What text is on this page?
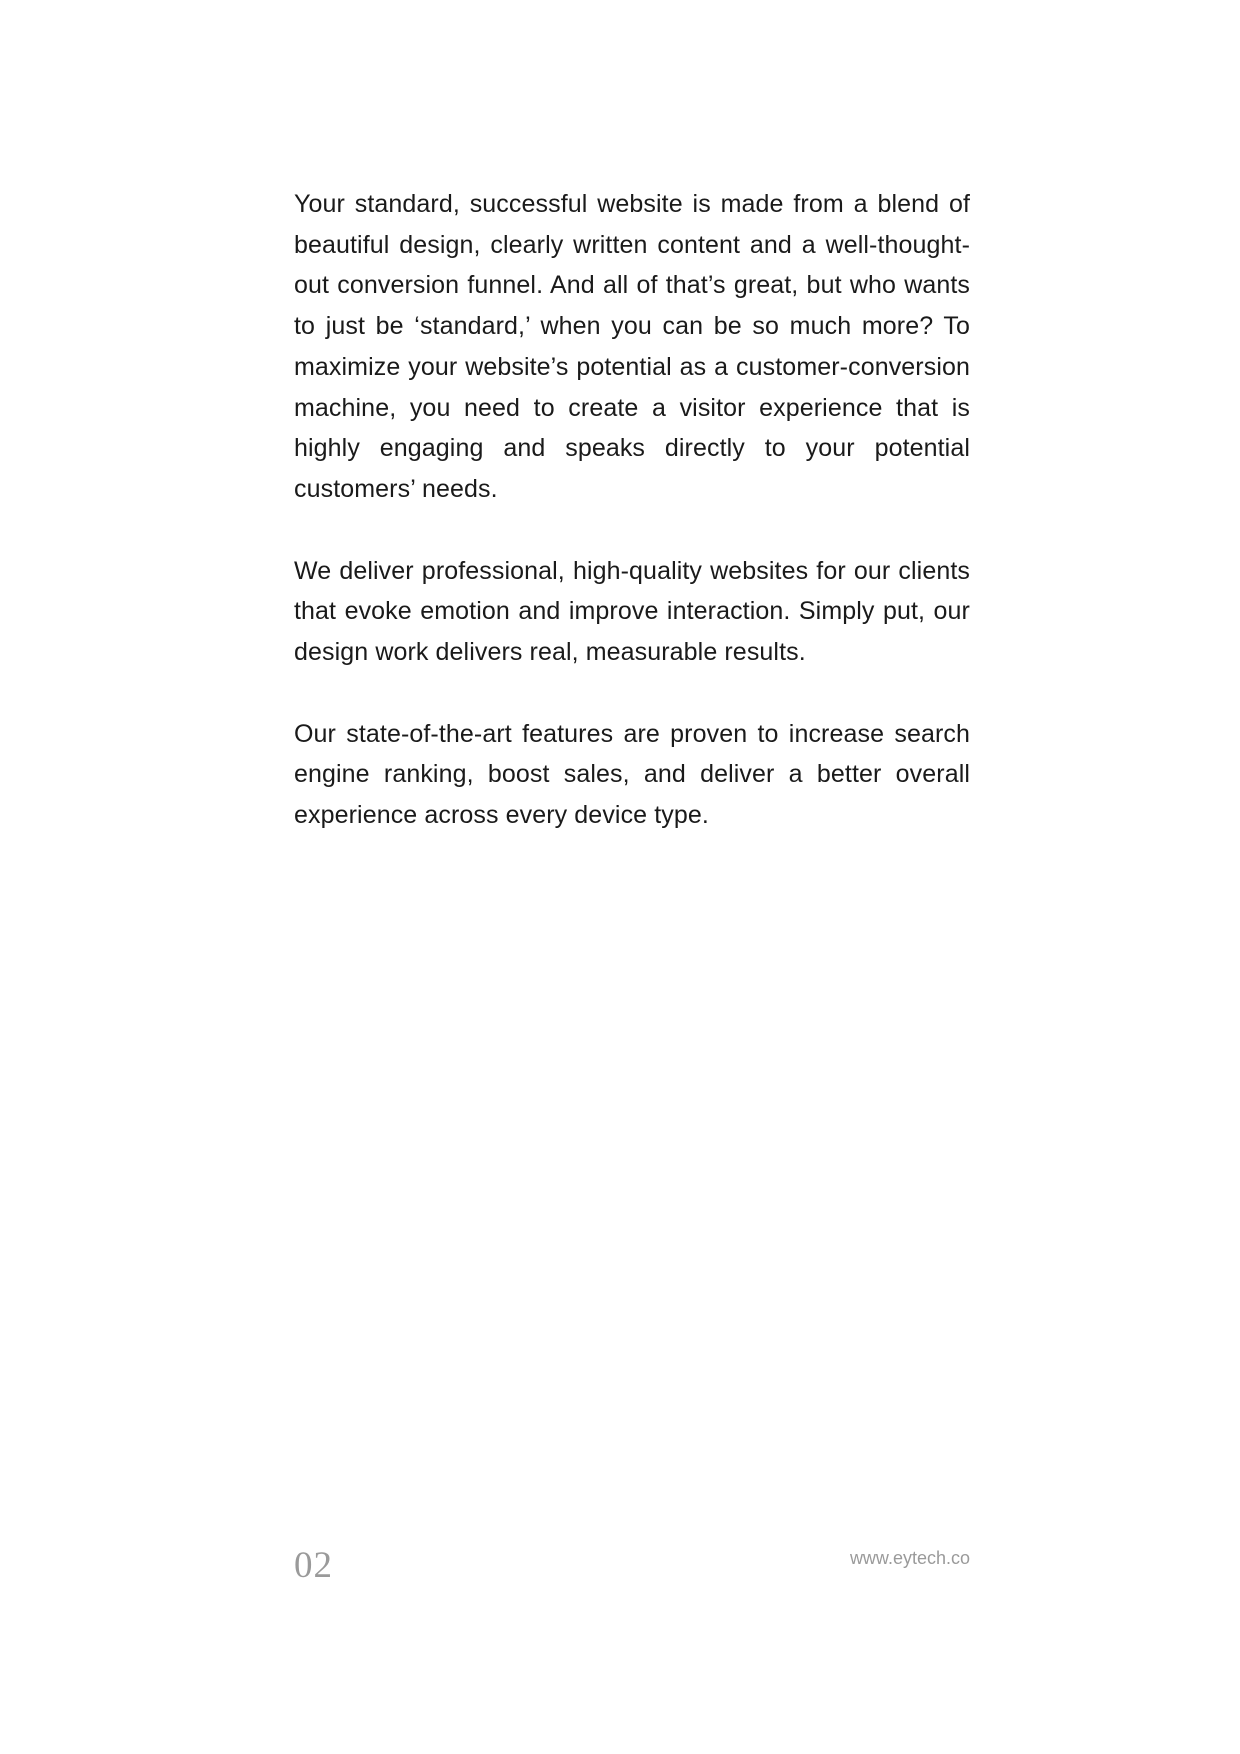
Your standard, successful website is made from a blend of beautiful design, clearly written content and a well-thought-out conversion funnel. And all of that’s great, but who wants to just be ‘standard,’ when you can be so much more? To maximize your website’s potential as a customer-conversion machine, you need to create a visitor experience that is highly engaging and speaks directly to your potential customers’ needs.

We deliver professional, high-quality websites for our clients that evoke emotion and improve interaction. Simply put, our design work delivers real, measurable results.

Our state-of-the-art features are proven to increase search engine ranking, boost sales, and deliver a better overall experience across every device type.

02	www.eytech.co
